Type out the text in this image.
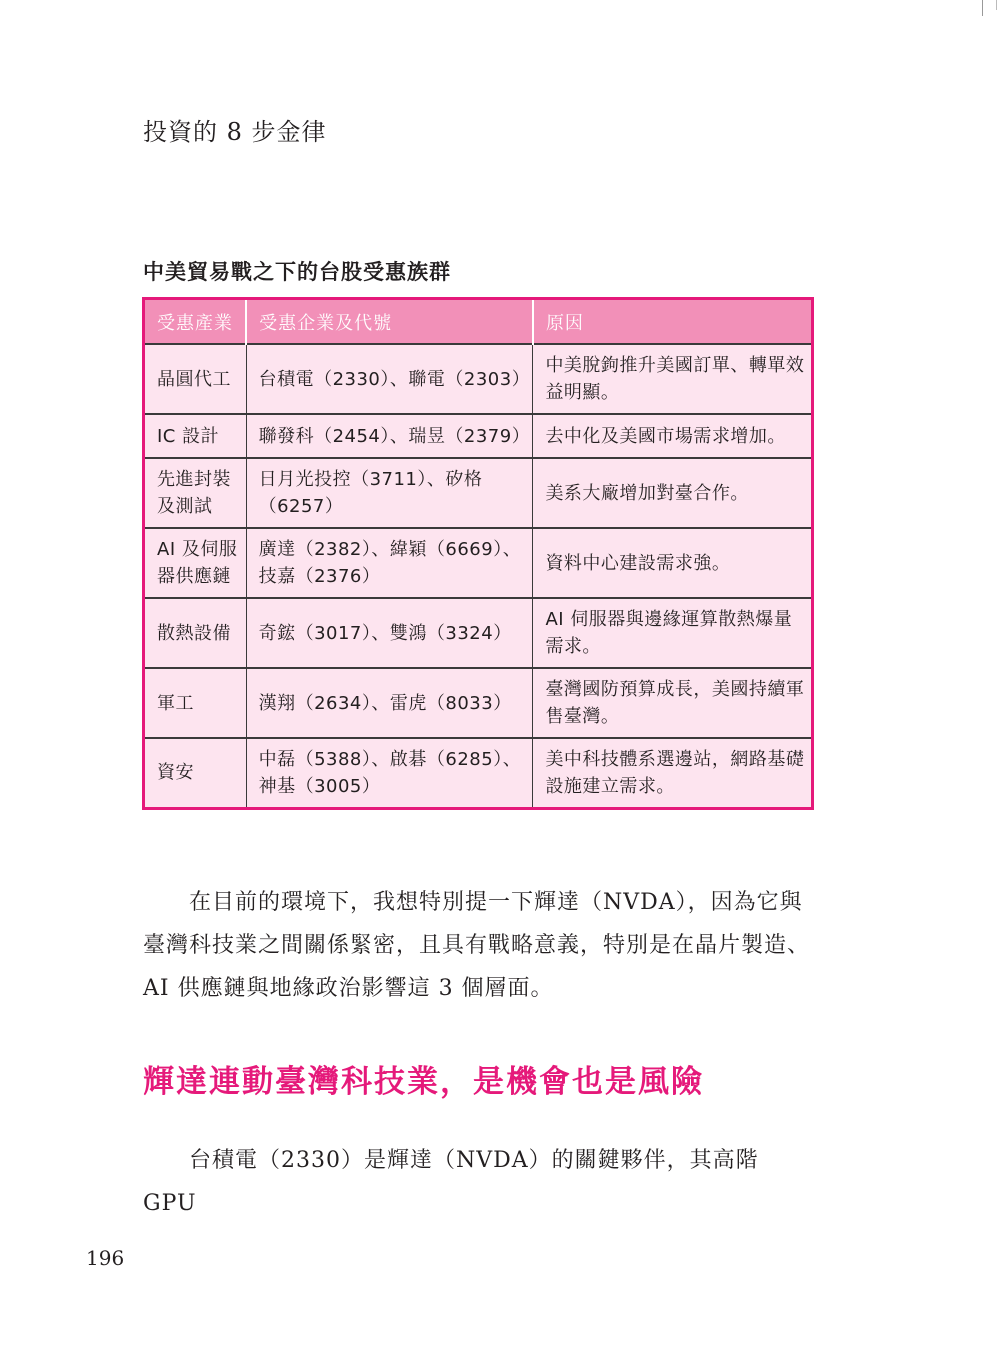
投資的 8 步金律
中美貿易戰之下的台股受惠族群
受惠產業	受惠企業及代號	原因
晶圓代工	台積電（2330）、聯電（2303）	中美脫鉤推升美國訂單、轉單效益明顯。
IC 設計	聯發科（2454）、瑞昱（2379）	去中化及美國市場需求增加。
先進封裝及測試	日月光投控（3711）、矽格（6257）	美系大廠增加對臺合作。
AI 及伺服器供應鏈	廣達（2382）、緯穎（6669）、技嘉（2376）	資料中心建設需求強。
散熱設備	奇鋐（3017）、雙鴻（3324）	AI 伺服器與邊緣運算散熱爆量需求。
軍工	漢翔（2634）、雷虎（8033）	臺灣國防預算成長，美國持續軍售臺灣。
資安	中磊（5388）、啟碁（6285）、神基（3005）	美中科技體系選邊站，網路基礎設施建立需求。

在目前的環境下，我想特別提一下輝達（NVDA），因為它與臺灣科技業之間關係緊密，且具有戰略意義，特別是在晶片製造、AI 供應鏈與地緣政治影響這 3 個層面。

輝達連動臺灣科技業，是機會也是風險

台積電（2330）是輝達（NVDA）的關鍵夥伴，其高階 GPU

196
